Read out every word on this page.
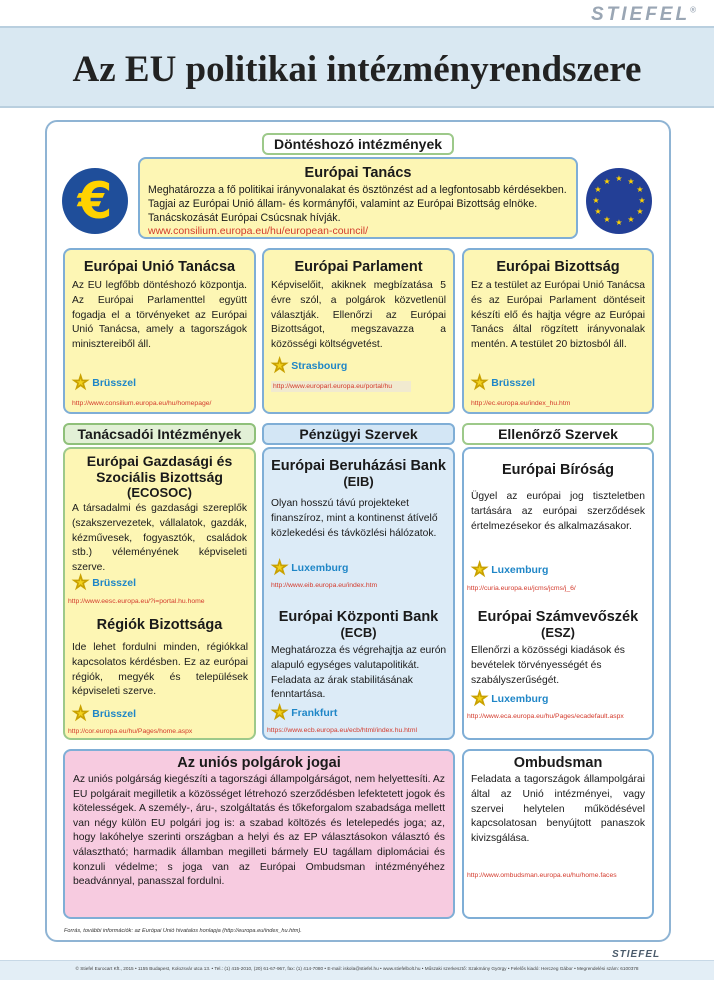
STIEFEL®
Az EU politikai intézményrendszere
Döntéshozó intézmények
€	★ ★
★
★
★
★
★
★
★
★
★
★
Európai Tanács
Meghatározza a fő politikai irányvonalakat és ösztönzést ad a legfontosabb kérdésekben. Tagjai az Európai Unió állam- és kormányfői, valamint az Európai Bizottság elnöke. Tanácskozását Európai Csúcsnak hívják.
www.consilium.europa.eu/hu/european-council/
Európai Unió Tanácsa
Az EU legfőbb döntéshozó központja. Az Európai Parlamenttel együtt fogadja el a törvényeket az Európai Unió Tanácsa, amely a tagországok minisztereiből áll.
★ Brüsszel
http://www.consilium.europa.eu/hu/homepage/
Európai Parlament
Képviselőit, akiknek megbízatása 5 évre szól, a polgárok közvetlenül választják. Ellenőrzi az Európai Bizottságot, megszavazza a közösségi költségvetést.
★ Strasbourg
http://www.europarl.europa.eu/portal/hu
Európai Bizottság
Ez a testület az Európai Unió Tanácsa és az Európai Parlament döntéseit készíti elő és hajtja végre az Európai Tanács által rögzített irányvonalak mentén. A testület 20 biztosból áll.
★ Brüsszel
http://ec.europa.eu/index_hu.htm
Tanácsadói Intézmények	Pénzügyi Szervek	Ellenőrző Szervek
Európai Gazdasági és Szociális Bizottság
(ECOSOC)
A társadalmi és gazdasági szereplők (szakszervezetek, vállalatok, gazdák, kézművesek, fogyasztók, családok stb.) véleményének képviseleti szerve.
★ Brüsszel
http://www.eesc.europa.eu/?i=portal.hu.home
Régiók Bizottsága
Ide lehet fordulni minden, régiókkal kapcsolatos kérdésben. Ez az európai régiók, megyék és települések képviseleti szerve.
★ Brüsszel
http://cor.europa.eu/hu/Pages/home.aspx
Európai Beruházási Bank
(EIB)
Olyan hosszú távú projekteket finanszíroz, mint a kontinenst átívelő közlekedési és távközlési hálózatok.
★ Luxemburg
http://www.eib.europa.eu/index.htm
Európai Központi Bank
(ECB)
Meghatározza és végrehajtja az eurón alapuló egységes valutapolitikát. Feladata az árak stabilitásának fenntartása.
★ Frankfurt
https://www.ecb.europa.eu/ecb/html/index.hu.html
Európai Bíróság
Ügyel az európai jog tiszteletben tartására az európai szerződések értelmezésekor és alkalmazásakor.
★ Luxemburg
http://curia.europa.eu/jcms/jcms/j_6/
Európai Számvevőszék
(ESZ)
Ellenőrzi a közösségi kiadások és bevételek törvényességét és szabályszerűségét.
★ Luxemburg
http://www.eca.europa.eu/hu/Pages/ecadefault.aspx
Az uniós polgárok jogai
Az uniós polgárság kiegészíti a tagországi állampolgárságot, nem helyettesíti. Az EU polgárait megilletik a közösséget létrehozó szerződésben lefektetett jogok és kötelességek. A személy-, áru-, szolgáltatás és tőkeforgalom szabadsága mellett van négy külön EU polgári jog is: a szabad költözés és letelepedés joga; az, hogy lakóhelye szerinti országban a helyi és az EP választásokon választó és választható; harmadik államban megilleti bármely EU tagállam diplomáciai és konzuli védelme; s joga van az Európai Ombudsman intézményéhez beadvánnyal, panasszal fordulni.
Ombudsman
Feladata a tagországok állampolgárai által az Unió intézményei, vagy szervei helytelen működésével kapcsolatosan benyújtott panaszok kivizsgálása.
http://www.ombudsman.europa.eu/hu/home.faces
Forrás, további információk: az Európai Unió hivatalos honlapja (http://europa.eu/index_hu.htm).
STIEFEL
© Stiefel Eurocart Kft., 2015 • 1155 Budapest, Kolozsvár utca 13. • Tel.: (1) 415-2010, (20) 61-67-967, fax: (1) 414-7080 • E-mail: iskola@stiefel.hu • www.stiefelbolt.hu • Műszaki szerkesztő: Szakmány György • Felelős kiadó: Herczeg Gábor • Megrendelési szám: 6100378
